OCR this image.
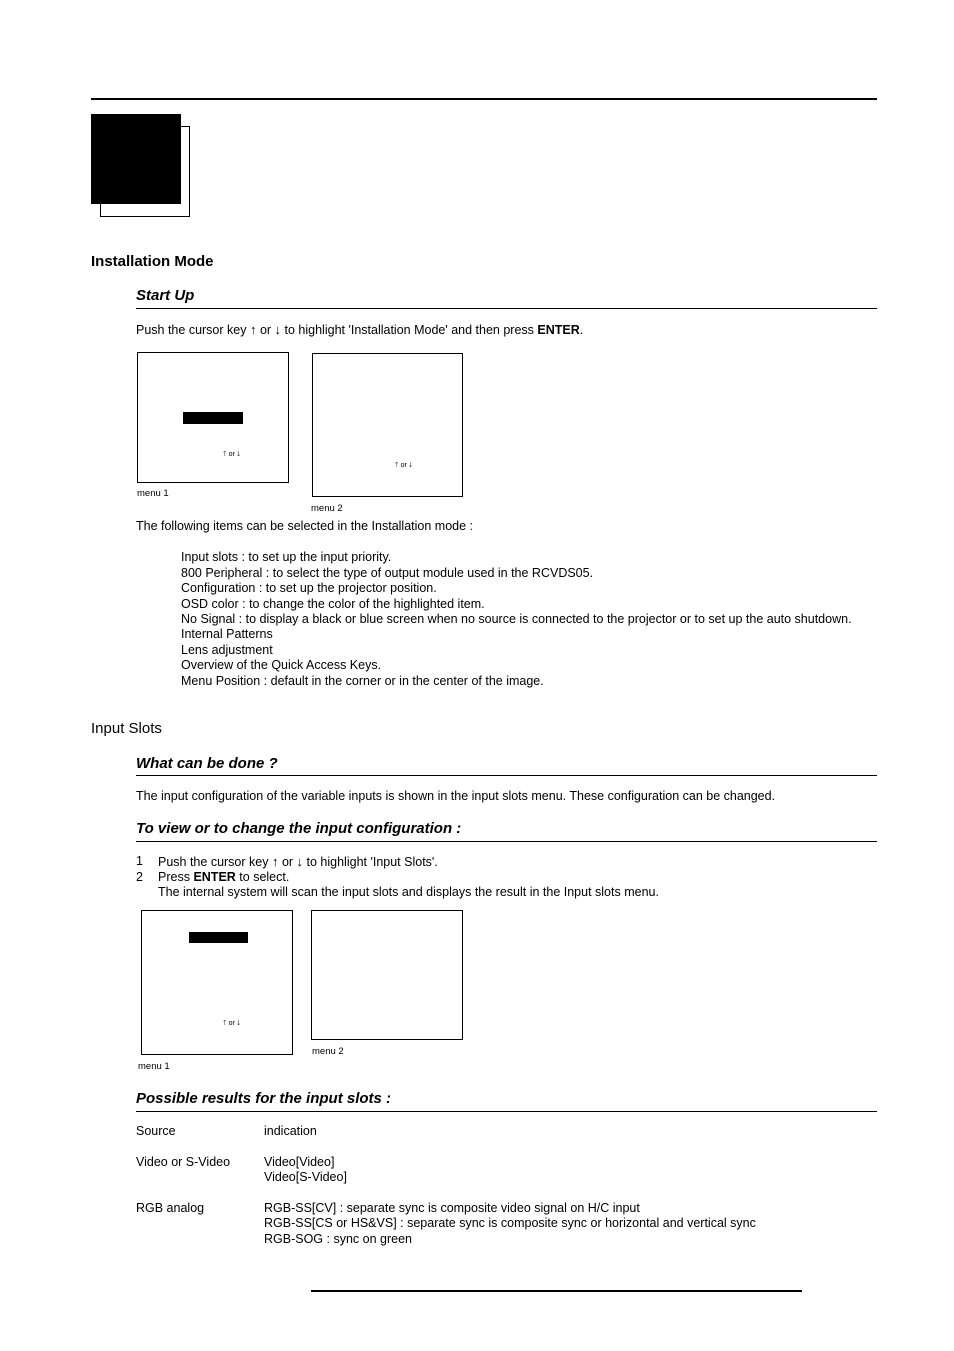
Installation Mode
Start Up
Push the cursor key ↑ or ↓ to highlight 'Installation Mode' and then press ENTER.
🡑 or 🡓
menu 1
🡑 or 🡓
menu 2
The following items can be selected in the Installation mode :
Input slots : to set up the input priority.
800 Peripheral : to select the type of output module used in the RCVDS05.
Configuration : to set up the projector position.
OSD color : to change the color of the highlighted item.
No Signal : to display a black or blue screen when no source is connected to the projector or to set up the auto shutdown.
Internal Patterns
Lens adjustment
Overview of the Quick Access Keys.
Menu Position : default in the corner or in the center of the image.
Input Slots
What can be done ?
The input configuration of the variable inputs is shown in the input slots menu. These configuration can be changed.
To view or to change the input configuration :
1 Push the cursor key ↑ or ↓ to highlight 'Input Slots'.
2 Press ENTER to select.
The internal system will scan the input slots and displays the result in the Input slots menu.
🡑 or 🡓
menu 1
menu 2
Possible results for the input slots :
Source	indication
Video or S-Video	Video[Video]
Video[S-Video]
RGB analog	RGB-SS[CV] : separate sync is composite video signal on H/C input
RGB-SS[CS or HS&VS] : separate sync is composite sync or horizontal and vertical sync
RGB-SOG : sync on green
